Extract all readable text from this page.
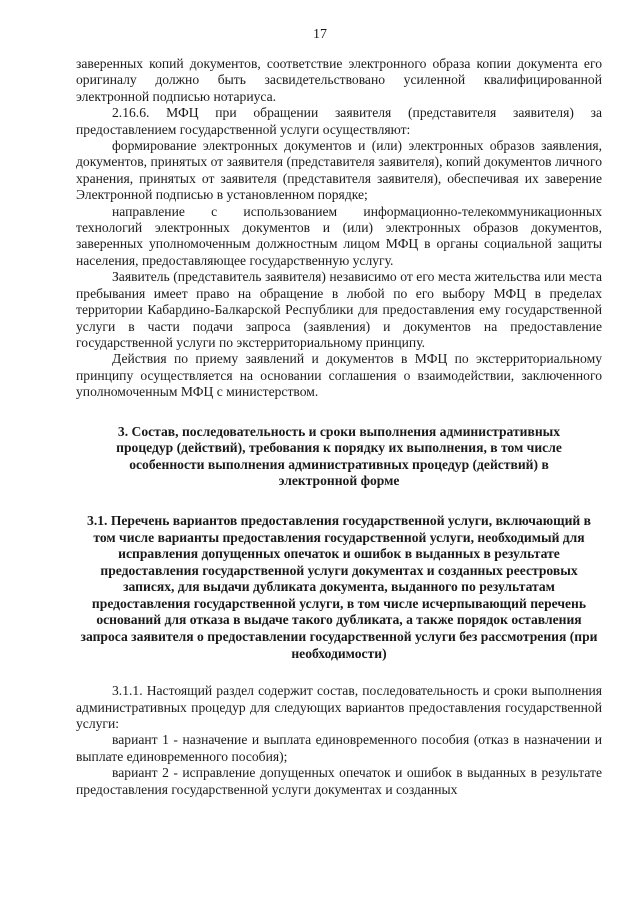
17

заверенных копий документов, соответствие электронного образа копии документа его оригиналу должно быть засвидетельствовано усиленной квалифицированной электронной подписью нотариуса.

2.16.6. МФЦ при обращении заявителя (представителя заявителя) за предоставлением государственной услуги осуществляют:

формирование электронных документов и (или) электронных образов заявления, документов, принятых от заявителя (представителя заявителя), копий документов личного хранения, принятых от заявителя (представителя заявителя), обеспечивая их заверение Электронной подписью в установленном порядке;

направление с использованием информационно-телекоммуникационных технологий электронных документов и (или) электронных образов документов, заверенных уполномоченным должностным лицом МФЦ в органы социальной защиты населения, предоставляющее государственную услугу.

Заявитель (представитель заявителя) независимо от его места жительства или места пребывания имеет право на обращение в любой по его выбору МФЦ в пределах территории Кабардино-Балкарской Республики для предоставления ему государственной услуги в части подачи запроса (заявления) и документов на предоставление государственной услуги по экстерриториальному принципу.

Действия по приему заявлений и документов в МФЦ по экстерриториальному принципу осуществляется на основании соглашения о взаимодействии, заключенного уполномоченным МФЦ с министерством.

3. Состав, последовательность и сроки выполнения административных процедур (действий), требования к порядку их выполнения, в том числе особенности выполнения административных процедур (действий) в электронной форме
3.1. Перечень вариантов предоставления государственной услуги, включающий в том числе варианты предоставления государственной услуги, необходимый для исправления допущенных опечаток и ошибок в выданных в результате предоставления государственной услуги документах и созданных реестровых записях, для выдачи дубликата документа, выданного по результатам предоставления государственной услуги, в том числе исчерпывающий перечень оснований для отказа в выдаче такого дубликата, а также порядок оставления запроса заявителя о предоставлении государственной услуги без рассмотрения (при необходимости)

3.1.1. Настоящий раздел содержит состав, последовательность и сроки выполнения административных процедур для следующих вариантов предоставления государственной услуги:

вариант 1 - назначение и выплата единовременного пособия (отказ в назначении и выплате единовременного пособия);

вариант 2 - исправление допущенных опечаток и ошибок в выданных в результате предоставления государственной услуги документах и созданных
